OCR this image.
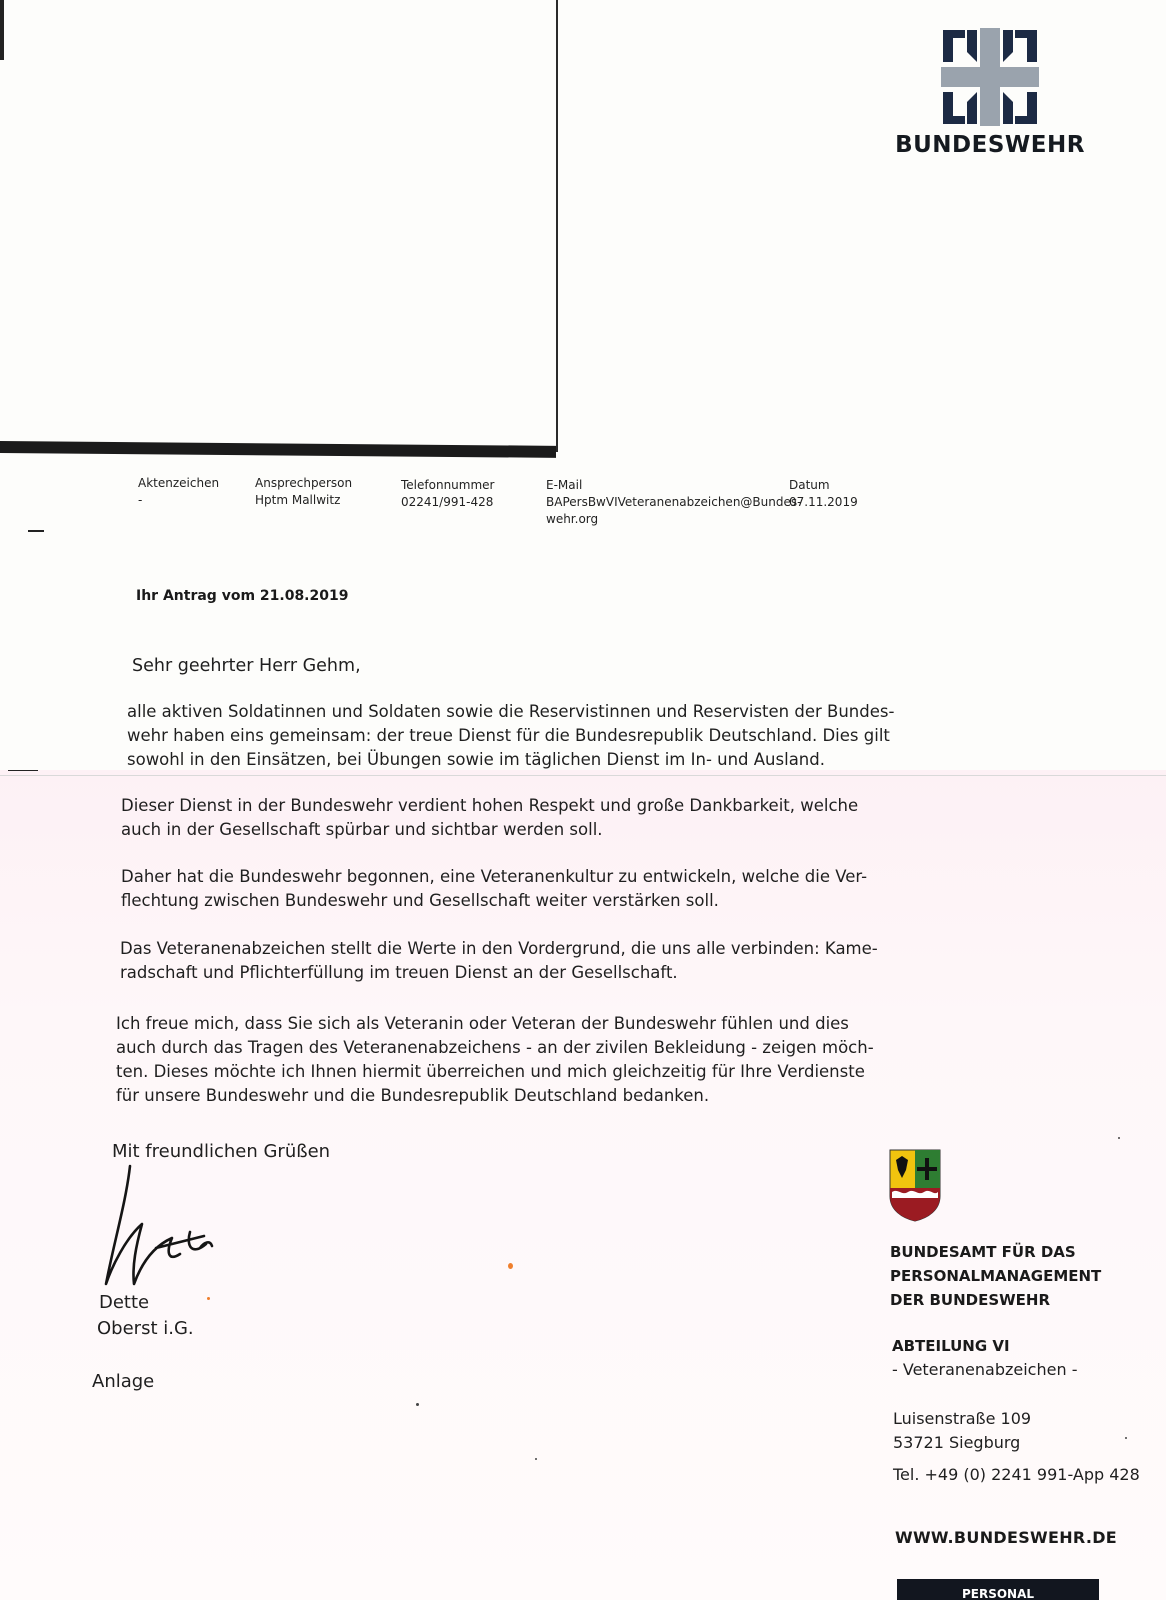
BUNDESWEHR
Aktenzeichen
-
Ansprechperson
Hptm Mallwitz
Telefonnummer
02241/991-428
E-Mail
BAPersBwVIVeteranenabzeichen@Bundes-
wehr.org
Datum
07.11.2019
Ihr Antrag vom 21.08.2019
Sehr geehrter Herr Gehm,
alle aktiven Soldatinnen und Soldaten sowie die Reservistinnen und Reservisten der Bundes-
wehr haben eins gemeinsam: der treue Dienst für die Bundesrepublik Deutschland. Dies gilt
sowohl in den Einsätzen, bei Übungen sowie im täglichen Dienst im In- und Ausland.
Dieser Dienst in der Bundeswehr verdient hohen Respekt und große Dankbarkeit, welche
auch in der Gesellschaft spürbar und sichtbar werden soll.
Daher hat die Bundeswehr begonnen, eine Veteranenkultur zu entwickeln, welche die Ver-
flechtung zwischen Bundeswehr und Gesellschaft weiter verstärken soll.
Das Veteranenabzeichen stellt die Werte in den Vordergrund, die uns alle verbinden: Kame-
radschaft und Pflichterfüllung im treuen Dienst an der Gesellschaft.
Ich freue mich, dass Sie sich als Veteranin oder Veteran der Bundeswehr fühlen und dies
auch durch das Tragen des Veteranenabzeichens - an der zivilen Bekleidung - zeigen möch-
ten. Dieses möchte ich Ihnen hiermit überreichen und mich gleichzeitig für Ihre Verdienste
für unsere Bundeswehr und die Bundesrepublik Deutschland bedanken.
Mit freundlichen Grüßen
Dette
Oberst i.G.
Anlage
BUNDESAMT FÜR DAS
PERSONALMANAGEMENT
DER BUNDESWEHR
ABTEILUNG VI
- Veteranenabzeichen -
Luisenstraße 109
53721 Siegburg
Tel. +49 (0) 2241 991-App 428
WWW.BUNDESWEHR.DE
PERSONAL
